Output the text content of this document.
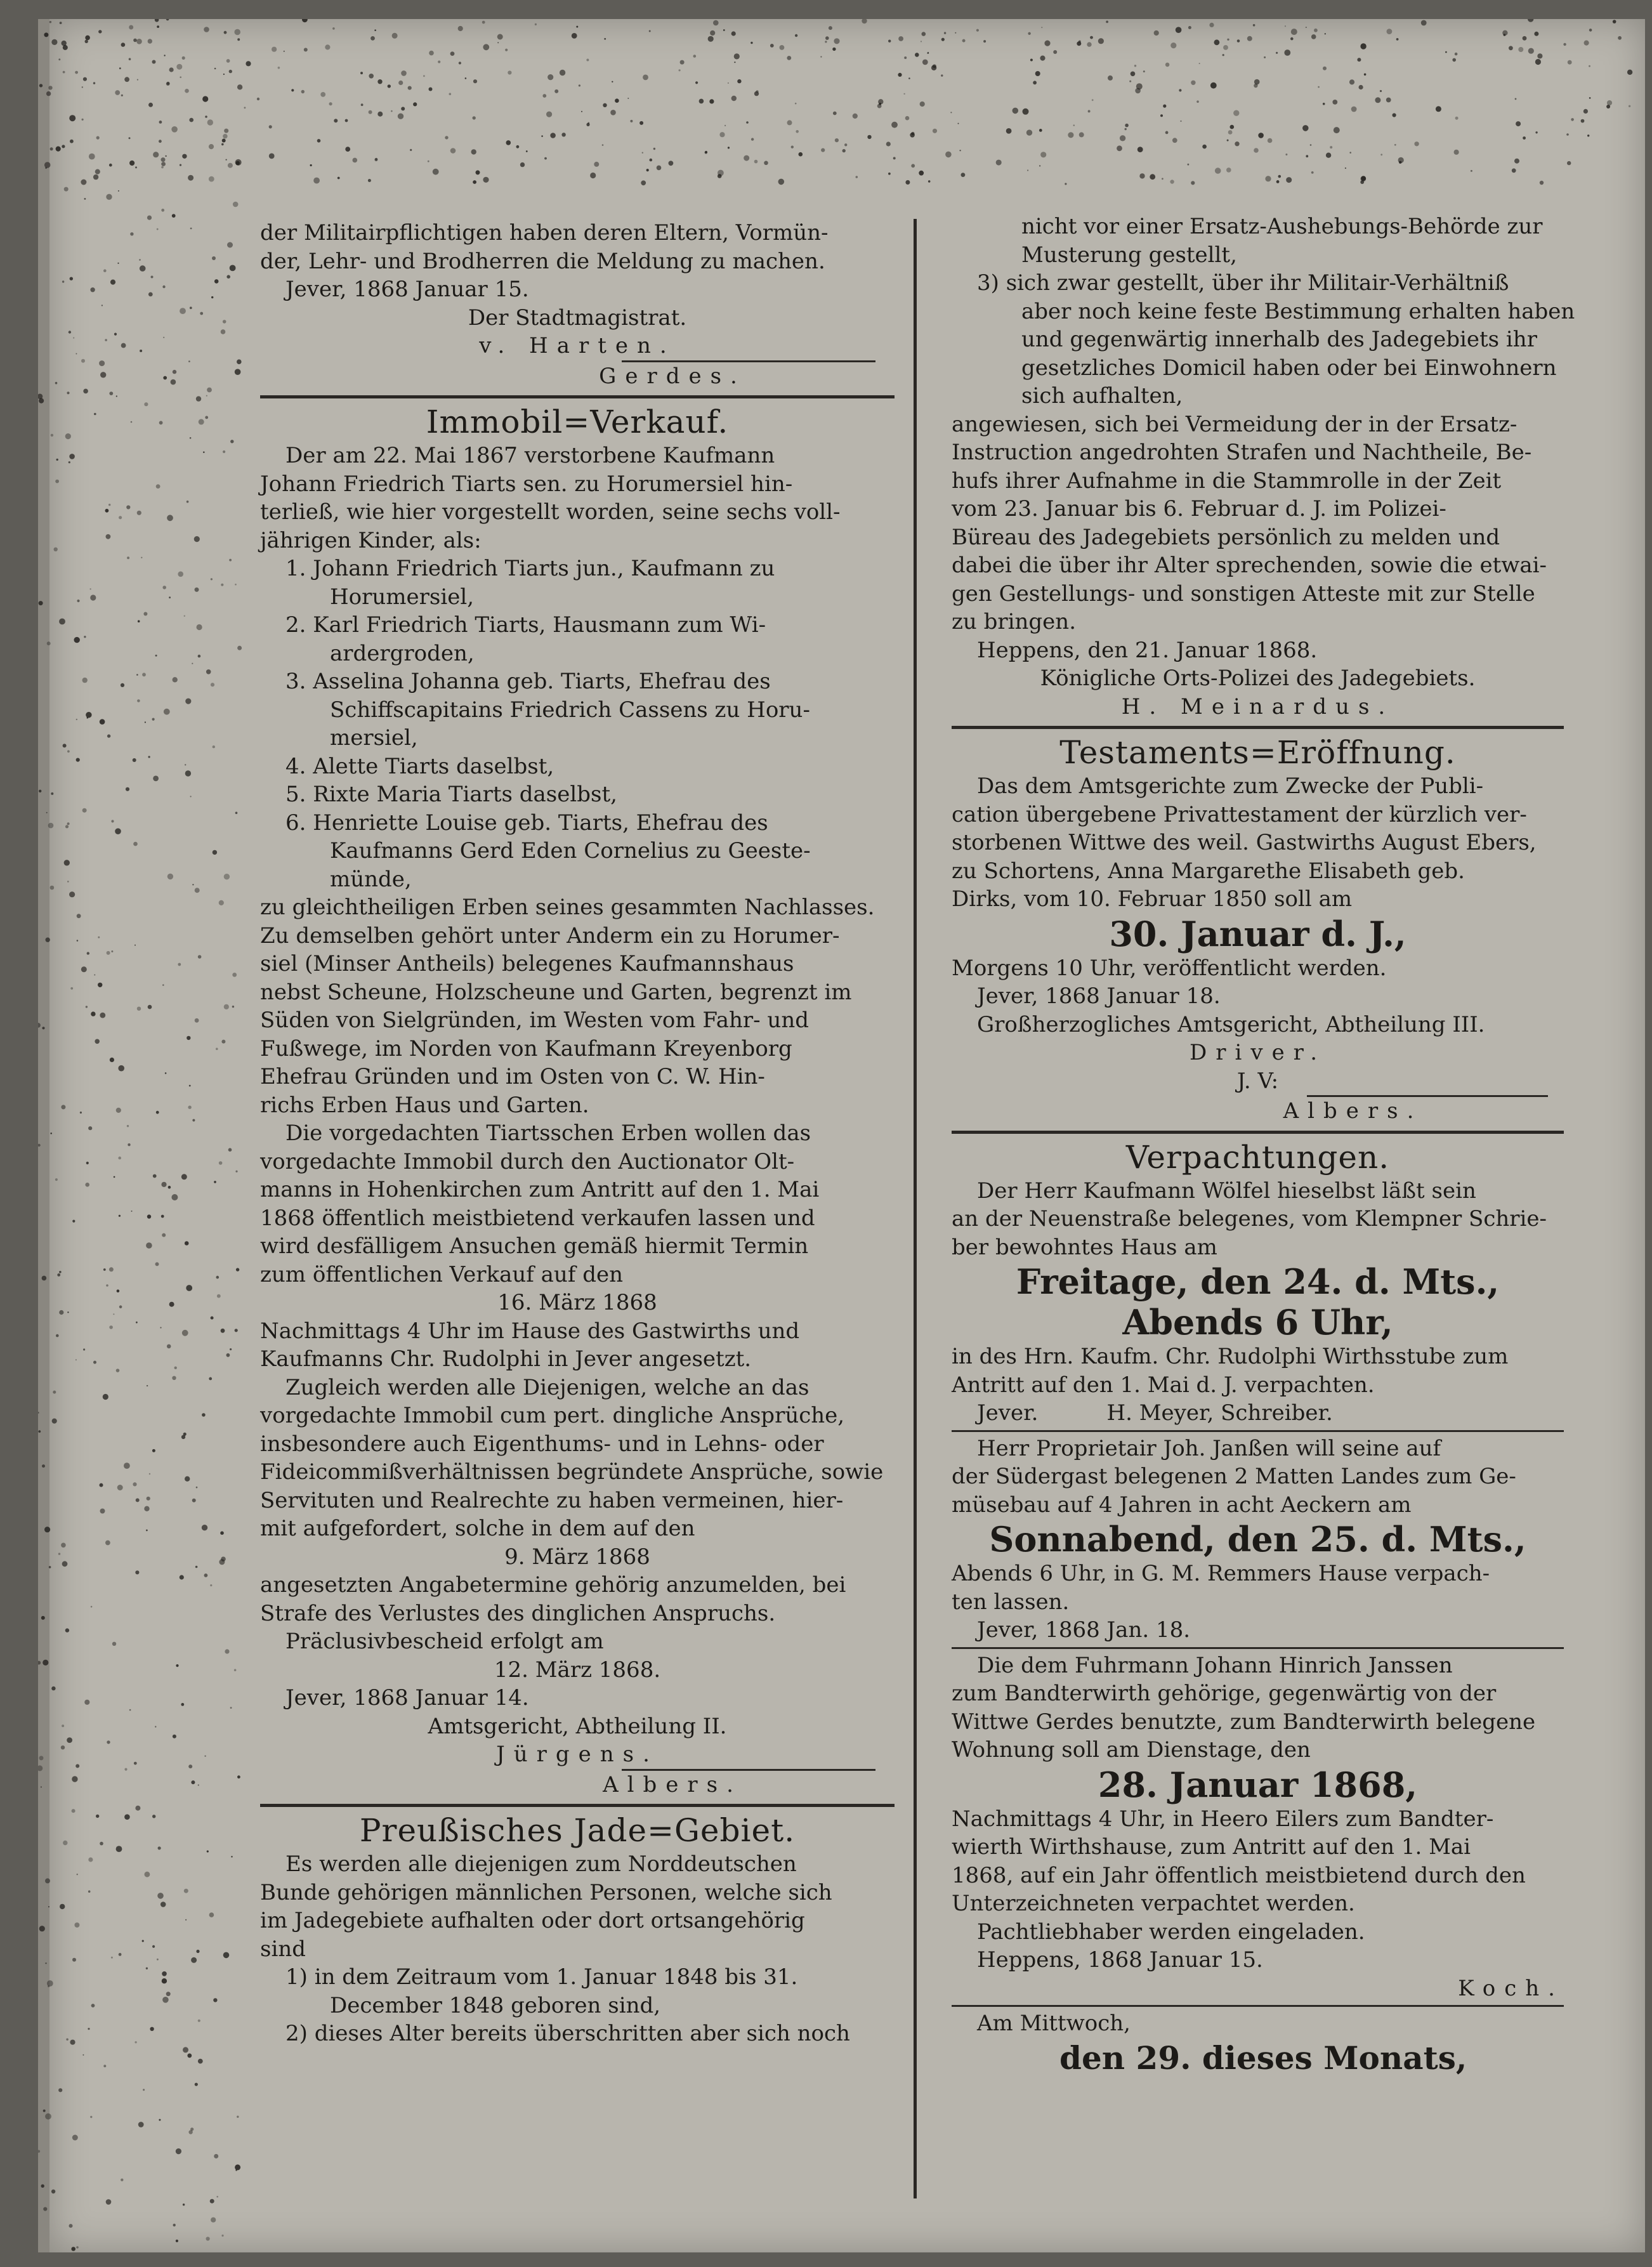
der Militairpflichtigen haben deren Eltern, Vormün-
der, Lehr- und Brodherren die Meldung zu machen.
Jever, 1868 Januar 15.
Der Stadtmagistrat.
v. Harten.
Gerdes.
Immobil=Verkauf.
Der am 22. Mai 1867 verstorbene Kaufmann
Johann Friedrich Tiarts sen. zu Horumersiel hin-
terließ, wie hier vorgestellt worden, seine sechs voll-
jährigen Kinder, als:
1. Johann Friedrich Tiarts jun., Kaufmann zu
Horumersiel,
2. Karl Friedrich Tiarts, Hausmann zum Wi-
ardergroden,
3. Asselina Johanna geb. Tiarts, Ehefrau des
Schiffscapitains Friedrich Cassens zu Horu-
mersiel,
4. Alette Tiarts daselbst,
5. Rixte Maria Tiarts daselbst,
6. Henriette Louise geb. Tiarts, Ehefrau des
Kaufmanns Gerd Eden Cornelius zu Geeste-
münde,
zu gleichtheiligen Erben seines gesammten Nachlasses.
Zu demselben gehört unter Anderm ein zu Horumer-
siel (Minser Antheils) belegenes Kaufmannshaus
nebst Scheune, Holzscheune und Garten, begrenzt im
Süden von Sielgründen, im Westen vom Fahr- und
Fußwege, im Norden von Kaufmann Kreyenborg
Ehefrau Gründen und im Osten von C. W. Hin-
richs Erben Haus und Garten.
Die vorgedachten Tiartsschen Erben wollen das
vorgedachte Immobil durch den Auctionator Olt-
manns in Hohenkirchen zum Antritt auf den 1. Mai
1868 öffentlich meistbietend verkaufen lassen und
wird desfälligem Ansuchen gemäß hiermit Termin
zum öffentlichen Verkauf auf den
16. März 1868
Nachmittags 4 Uhr im Hause des Gastwirths und
Kaufmanns Chr. Rudolphi in Jever angesetzt.
Zugleich werden alle Diejenigen, welche an das
vorgedachte Immobil cum pert. dingliche Ansprüche,
insbesondere auch Eigenthums- und in Lehns- oder
Fideicommißverhältnissen begründete Ansprüche, sowie
Servituten und Realrechte zu haben vermeinen, hier-
mit aufgefordert, solche in dem auf den
9. März 1868
angesetzten Angabetermine gehörig anzumelden, bei
Strafe des Verlustes des dinglichen Anspruchs.
Präclusivbescheid erfolgt am
12. März 1868.
Jever, 1868 Januar 14.
Amtsgericht, Abtheilung II.
Jürgens.
Albers.
Preußisches Jade=Gebiet.
Es werden alle diejenigen zum Norddeutschen
Bunde gehörigen männlichen Personen, welche sich
im Jadegebiete aufhalten oder dort ortsangehörig
sind
1) in dem Zeitraum vom 1. Januar 1848 bis 31.
December 1848 geboren sind,
2) dieses Alter bereits überschritten aber sich noch
nicht vor einer Ersatz-Aushebungs-Behörde zur
Musterung gestellt,
3) sich zwar gestellt, über ihr Militair-Verhältniß
aber noch keine feste Bestimmung erhalten haben
und gegenwärtig innerhalb des Jadegebiets ihr
gesetzliches Domicil haben oder bei Einwohnern
sich aufhalten,
angewiesen, sich bei Vermeidung der in der Ersatz-
Instruction angedrohten Strafen und Nachtheile, Be-
hufs ihrer Aufnahme in die Stammrolle in der Zeit
vom 23. Januar bis 6. Februar d. J. im Polizei-
Büreau des Jadegebiets persönlich zu melden und
dabei die über ihr Alter sprechenden, sowie die etwai-
gen Gestellungs- und sonstigen Atteste mit zur Stelle
zu bringen.
Heppens, den 21. Januar 1868.
Königliche Orts-Polizei des Jadegebiets.
H. Meinardus.
Testaments=Eröffnung.
Das dem Amtsgerichte zum Zwecke der Publi-
cation übergebene Privattestament der kürzlich ver-
storbenen Wittwe des weil. Gastwirths August Ebers,
zu Schortens, Anna Margarethe Elisabeth geb.
Dirks, vom 10. Februar 1850 soll am
30. Januar d. J.,
Morgens 10 Uhr, veröffentlicht werden.
Jever, 1868 Januar 18.
Großherzogliches Amtsgericht, Abtheilung III.
Driver.
J. V:
Albers.
Verpachtungen.
Der Herr Kaufmann Wölfel hieselbst läßt sein
an der Neuenstraße belegenes, vom Klempner Schrie-
ber bewohntes Haus am
Freitage, den 24. d. Mts.,
Abends 6 Uhr,
in des Hrn. Kaufm. Chr. Rudolphi Wirthsstube zum
Antritt auf den 1. Mai d. J. verpachten.
Jever.          H. Meyer, Schreiber.
Herr Proprietair Joh. Janßen will seine auf
der Südergast belegenen 2 Matten Landes zum Ge-
müsebau auf 4 Jahren in acht Aeckern am
Sonnabend, den 25. d. Mts.,
Abends 6 Uhr, in G. M. Remmers Hause verpach-
ten lassen.
Jever, 1868 Jan. 18.
Die dem Fuhrmann Johann Hinrich Janssen
zum Bandterwirth gehörige, gegenwärtig von der
Wittwe Gerdes benutzte, zum Bandterwirth belegene
Wohnung soll am Dienstage, den
28. Januar 1868,
Nachmittags 4 Uhr, in Heero Eilers zum Bandter-
wierth Wirthshause, zum Antritt auf den 1. Mai
1868, auf ein Jahr öffentlich meistbietend durch den
Unterzeichneten verpachtet werden.
Pachtliebhaber werden eingeladen.
Heppens, 1868 Januar 15.
Koch.
Am Mittwoch,
den 29. dieses Monats,
